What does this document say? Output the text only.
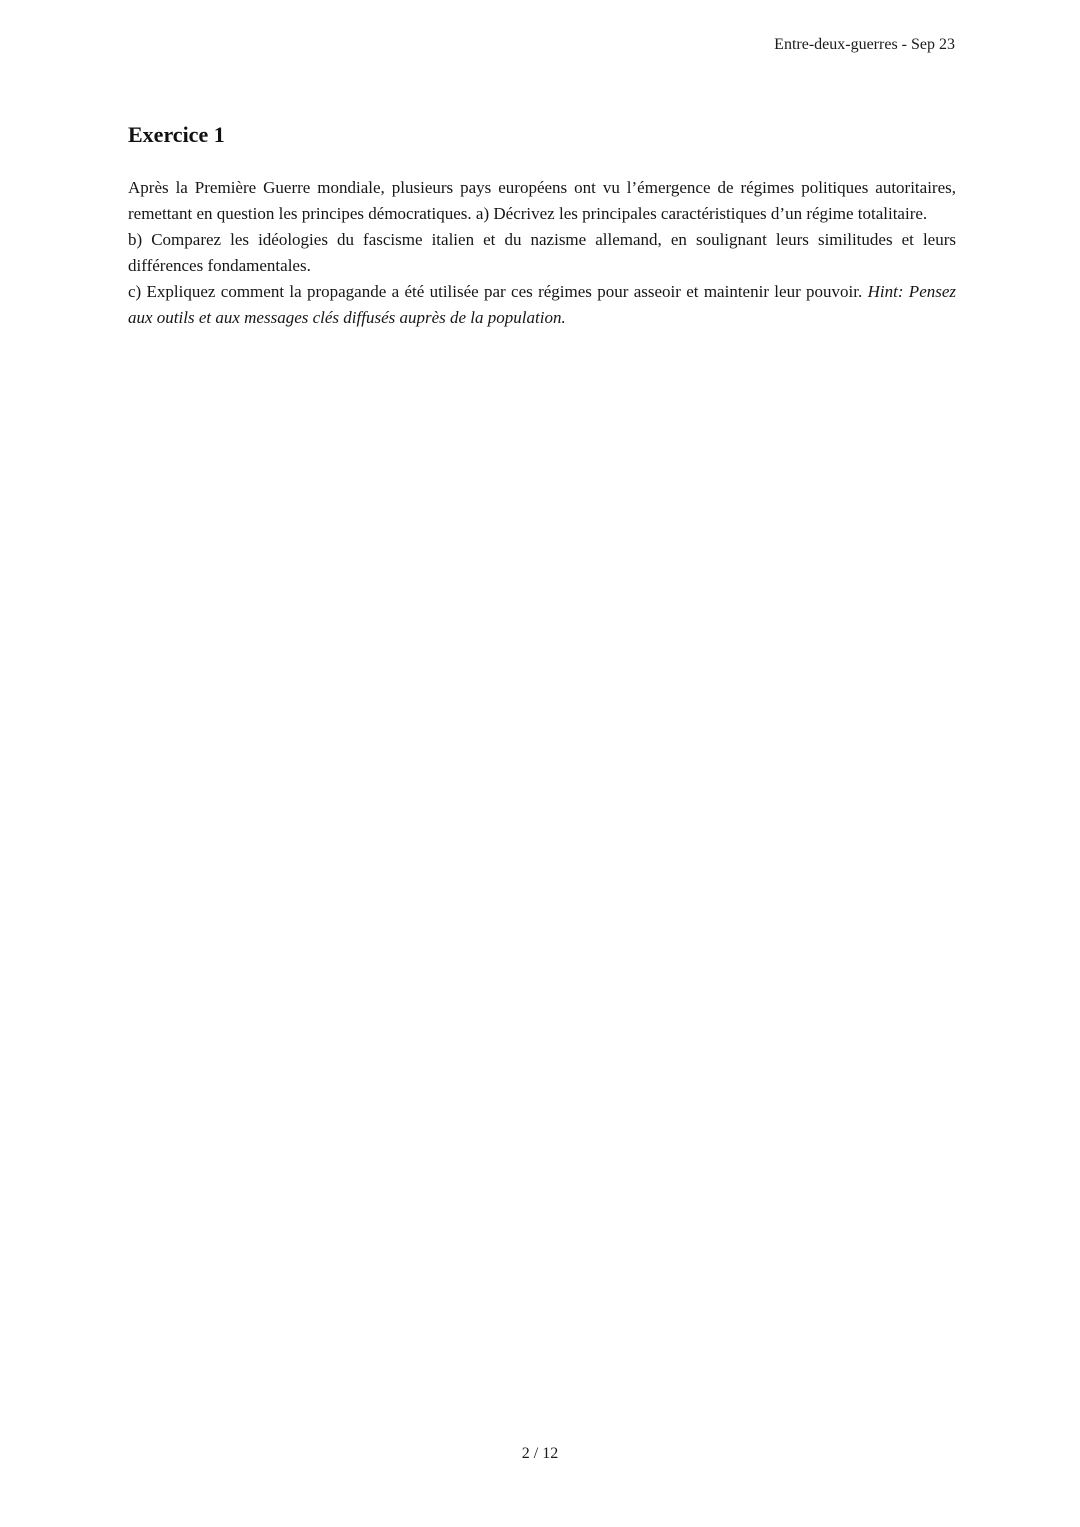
Entre-deux-guerres - Sep 23
Exercice 1

Après la Première Guerre mondiale, plusieurs pays européens ont vu l’émergence de régimes politiques autoritaires, remettant en question les principes démocratiques. a) Décrivez les principales caractéristiques d’un régime totalitaire.

b) Comparez les idéologies du fascisme italien et du nazisme allemand, en soulignant leurs similitudes et leurs différences fondamentales.

c) Expliquez comment la propagande a été utilisée par ces régimes pour asseoir et maintenir leur pouvoir. Hint: Pensez aux outils et aux messages clés diffusés auprès de la population.

2 / 12
